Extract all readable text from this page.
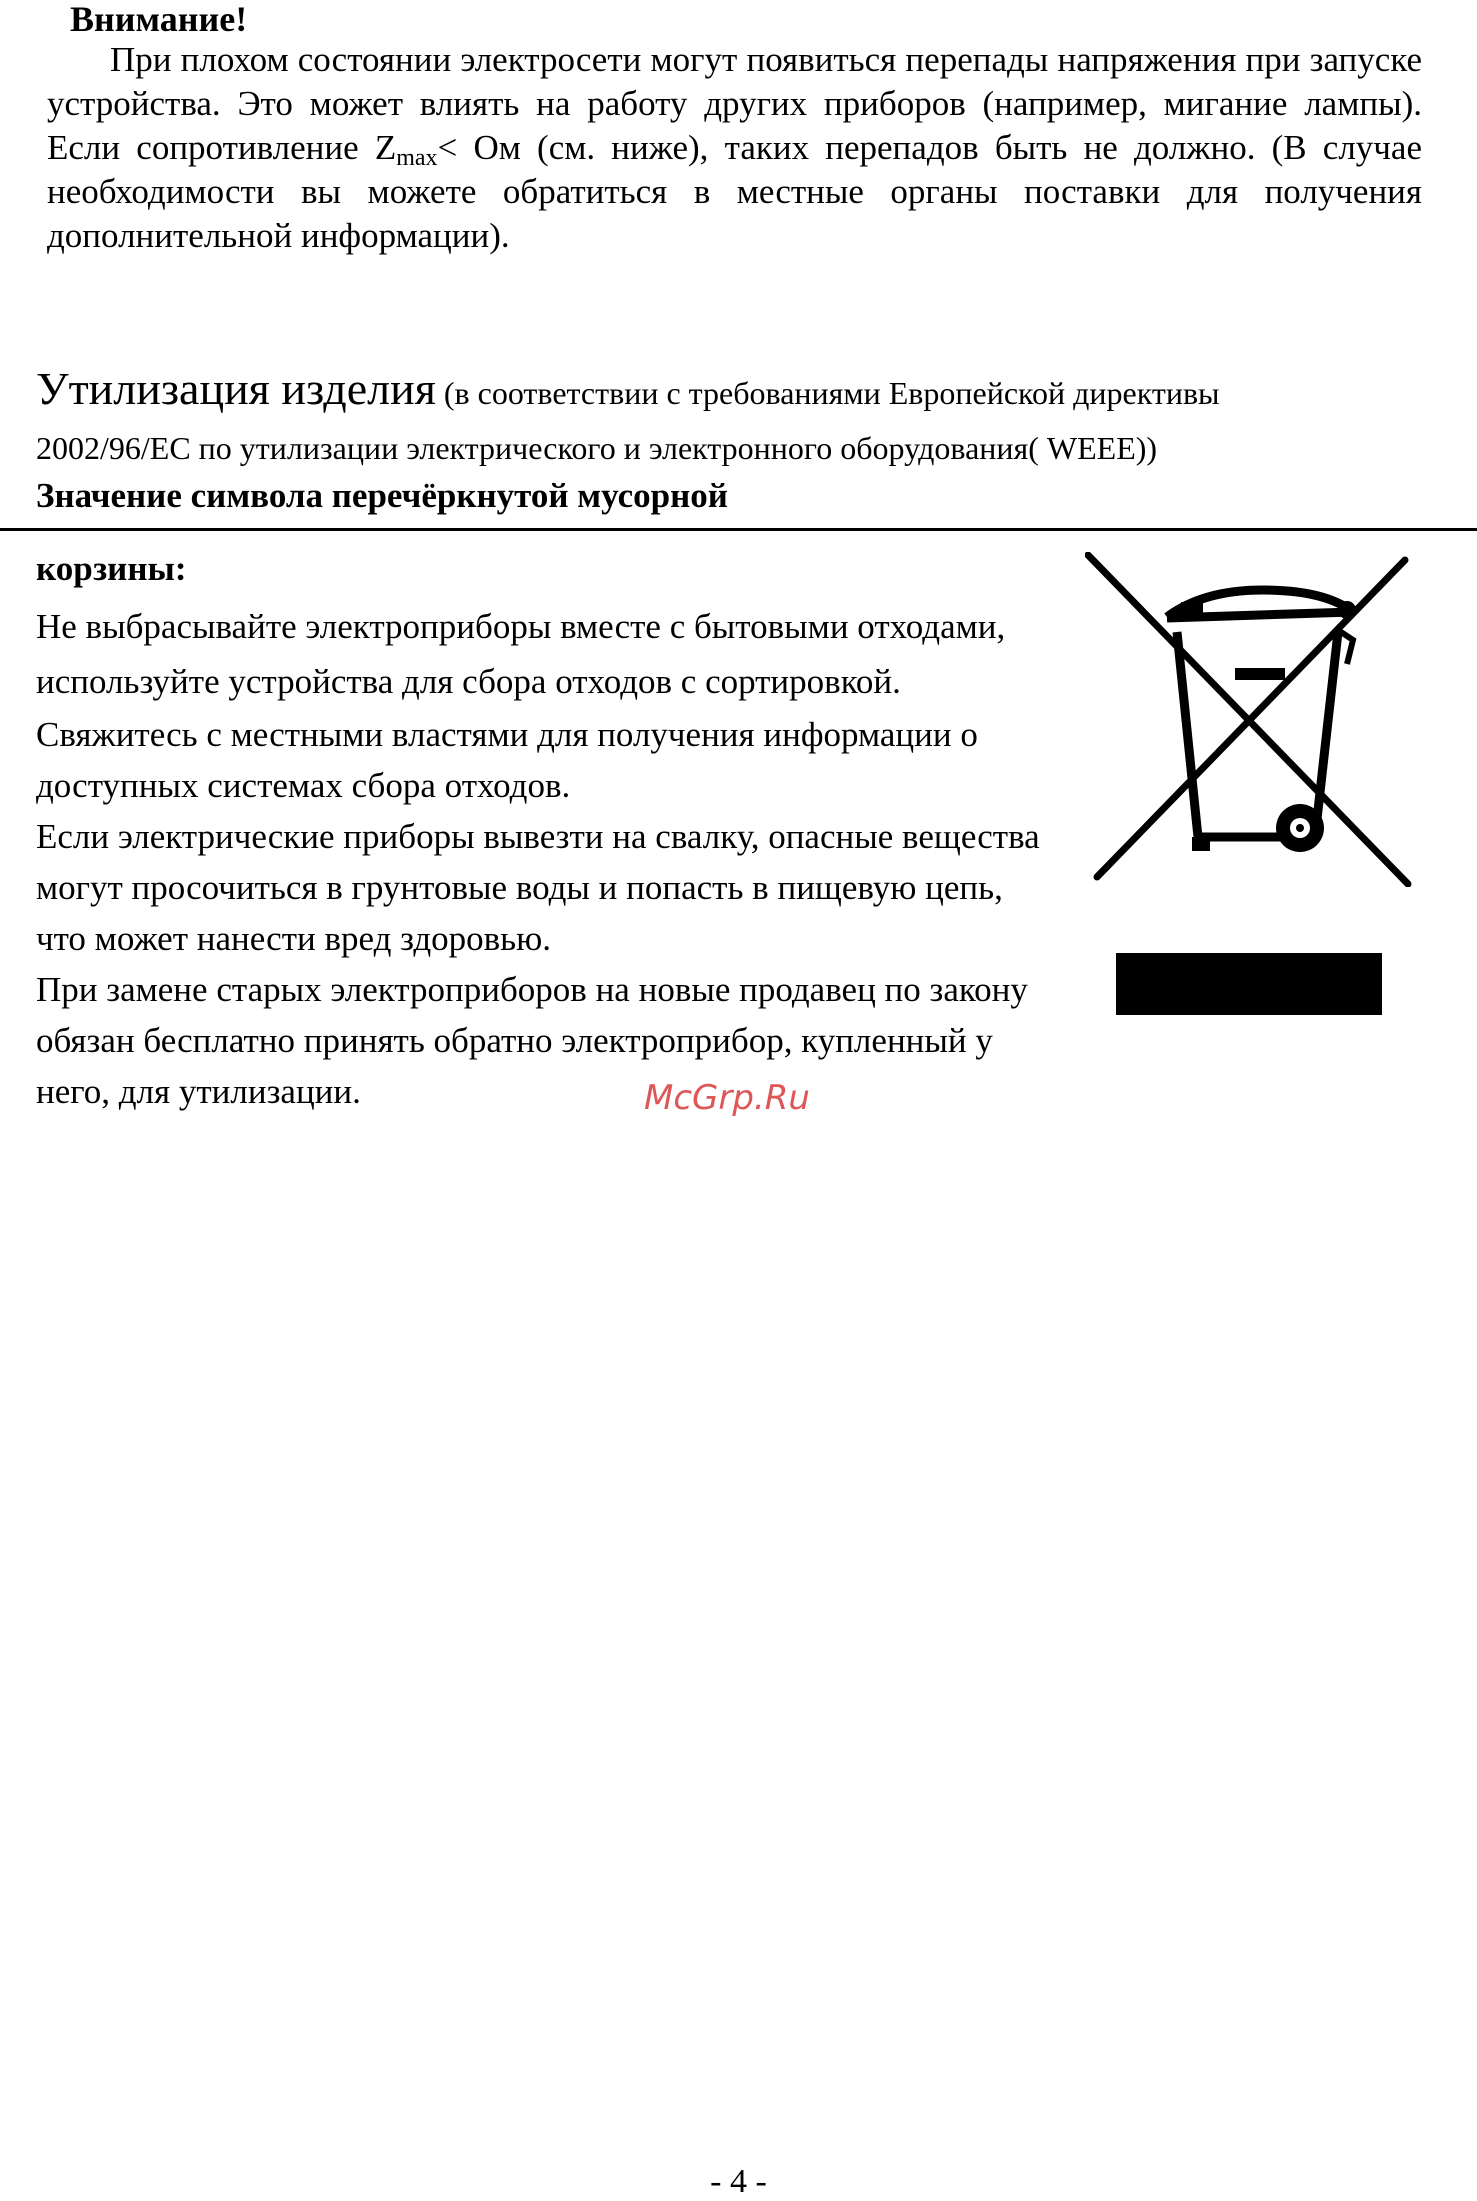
Внимание!

При плохом состоянии электросети могут появиться перепады напряжения при запуске устройства. Это может влиять на работу других приборов (например, мигание лампы). Если сопротивление Zmax< Ом (см. ниже), таких перепадов быть не должно. (В случае необходимости вы можете обратиться в местные органы поставки для получения дополнительной информации).

Утилизация изделия (в соответствии с требованиями Европейской директивы

2002/96/ЕС по утилизации электрического и электронного оборудования( WEEE))

Значение символа перечёркнутой мусорной

корзины:

Не выбрасывайте электроприборы вместе с бытовыми отходами, используйте устройства для сбора отходов с сортировкой.

Свяжитесь с местными властями для получения информации о доступных системах сбора отходов.

Если электрические приборы вывезти на свалку, опасные вещества могут просочиться в грунтовые воды и попасть в пищевую цепь, что может нанести вред здоровью.

При замене старых электроприборов на новые продавец по закону обязан бесплатно принять обратно электроприбор, купленный у него, для утилизации.	McGrp.Ru
- 4 -
